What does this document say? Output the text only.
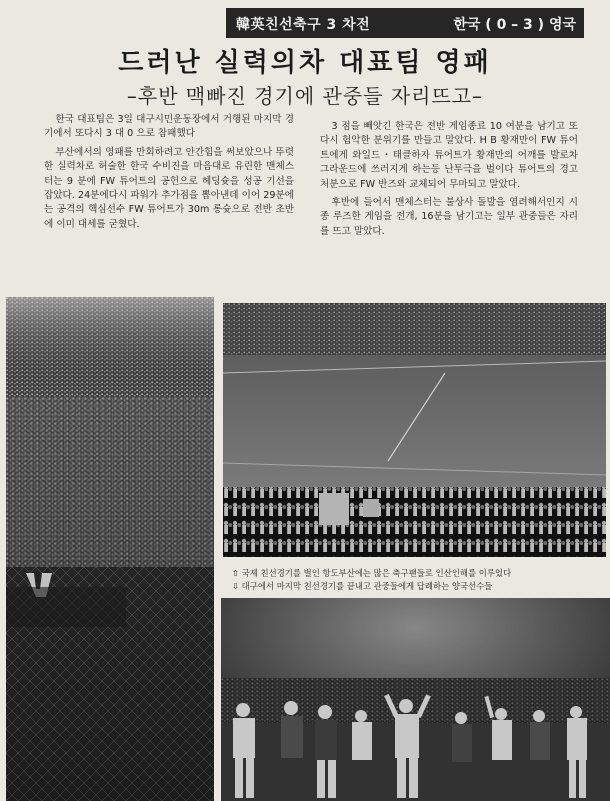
韓英친선축구 3 차전	한국 ( 0 – 3 ) 영국
드러난 실력의차 대표팀 영패
–후반 맥빠진 경기에 관중들 자리뜨고–

한국 대표팀은 3일 대구시민운동장에서 거행된 마지막 경기에서 또다시 3 대 0 으로 참패했다

부산에서의 영패를 만회하려고 안간힘을 써보았으나 뚜렷한 실력차로 허술한 한국 수비진을 마음대로 유린한 맨체스터는 9 분에 FW 튜어트의 공헌으로 헤딩슛을 성공 기선을 잡았다. 24분에다시 파워가 추가점을 뽑아낸데 이어 29분에는 공격의 핵심선수 FW 튜어트가 30m 롱슛으로 전반 초반에 이미 대세를 굳혔다.

3 점을 빼앗긴 한국은 전반 게임종료 10 여분을 남기고 또다시 험악한 분위기를 만들고 말았다. H B 황재만이 FW 튜어트에게 와일드・태클하자 튜어트가 황재만의 어깨를 발로차 그라운드에 쓰러지게 하는등 난투극을 벌이다 튜어트의 경고 처분으로 FW 반즈와 교체되어 무마되고 말았다.

후반에 들어서 맨체스터는 불상사 돌발을 염려해서인지 시종 루즈한 게임을 전개, 16분을 남기고는 일부 관중들은 자리를 뜨고 말았다.

⇧ 국제 친선경기를 벌인 항도부산에는 많은 축구팬들로 인산인해를 이루었다
⇩ 대구에서 마지막 친선경기를 끝내고 관중들에게 답례하는 양국선수들
